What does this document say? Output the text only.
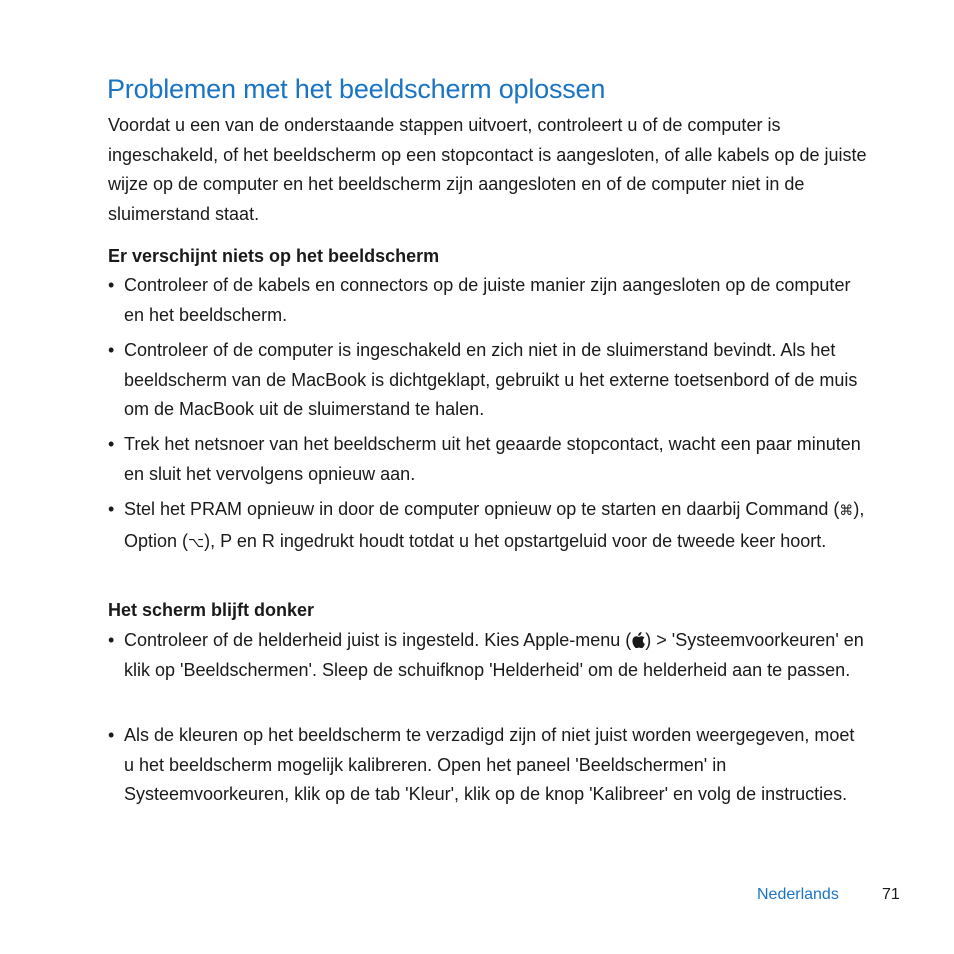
Problemen met het beeldscherm oplossen

Voordat u een van de onderstaande stappen uitvoert, controleert u of de computer is ingeschakeld, of het beeldscherm op een stopcontact is aangesloten, of alle kabels op de juiste wijze op de computer en het beeldscherm zijn aangesloten en of de computer niet in de sluimerstand staat.

Er verschijnt niets op het beeldscherm
• Controleer of de kabels en connectors op de juiste manier zijn aangesloten op de computer en het beeldscherm.
• Controleer of de computer is ingeschakeld en zich niet in de sluimerstand bevindt. Als het beeldscherm van de MacBook is dichtgeklapt, gebruikt u het externe toetsenbord of de muis om de MacBook uit de sluimerstand te halen.
• Trek het netsnoer van het beeldscherm uit het geaarde stopcontact, wacht een paar minuten en sluit het vervolgens opnieuw aan.
• Stel het PRAM opnieuw in door de computer opnieuw op te starten en daarbij Command (⌘), Option (⌥), P en R ingedrukt houdt totdat u het opstartgeluid voor de tweede keer hoort.
Het scherm blijft donker
• Controleer of de helderheid juist is ingesteld. Kies Apple-menu ( ) > 'Systeemvoorkeuren' en klik op 'Beeldschermen'. Sleep de schuifknop 'Helderheid' om de helderheid aan te passen.
• Als de kleuren op het beeldscherm te verzadigd zijn of niet juist worden weergegeven, moet u het beeldscherm mogelijk kalibreren. Open het paneel 'Beeldschermen' in Systeemvoorkeuren, klik op de tab 'Kleur', klik op de knop 'Kalibreer' en volg de instructies.
Nederlands	71
